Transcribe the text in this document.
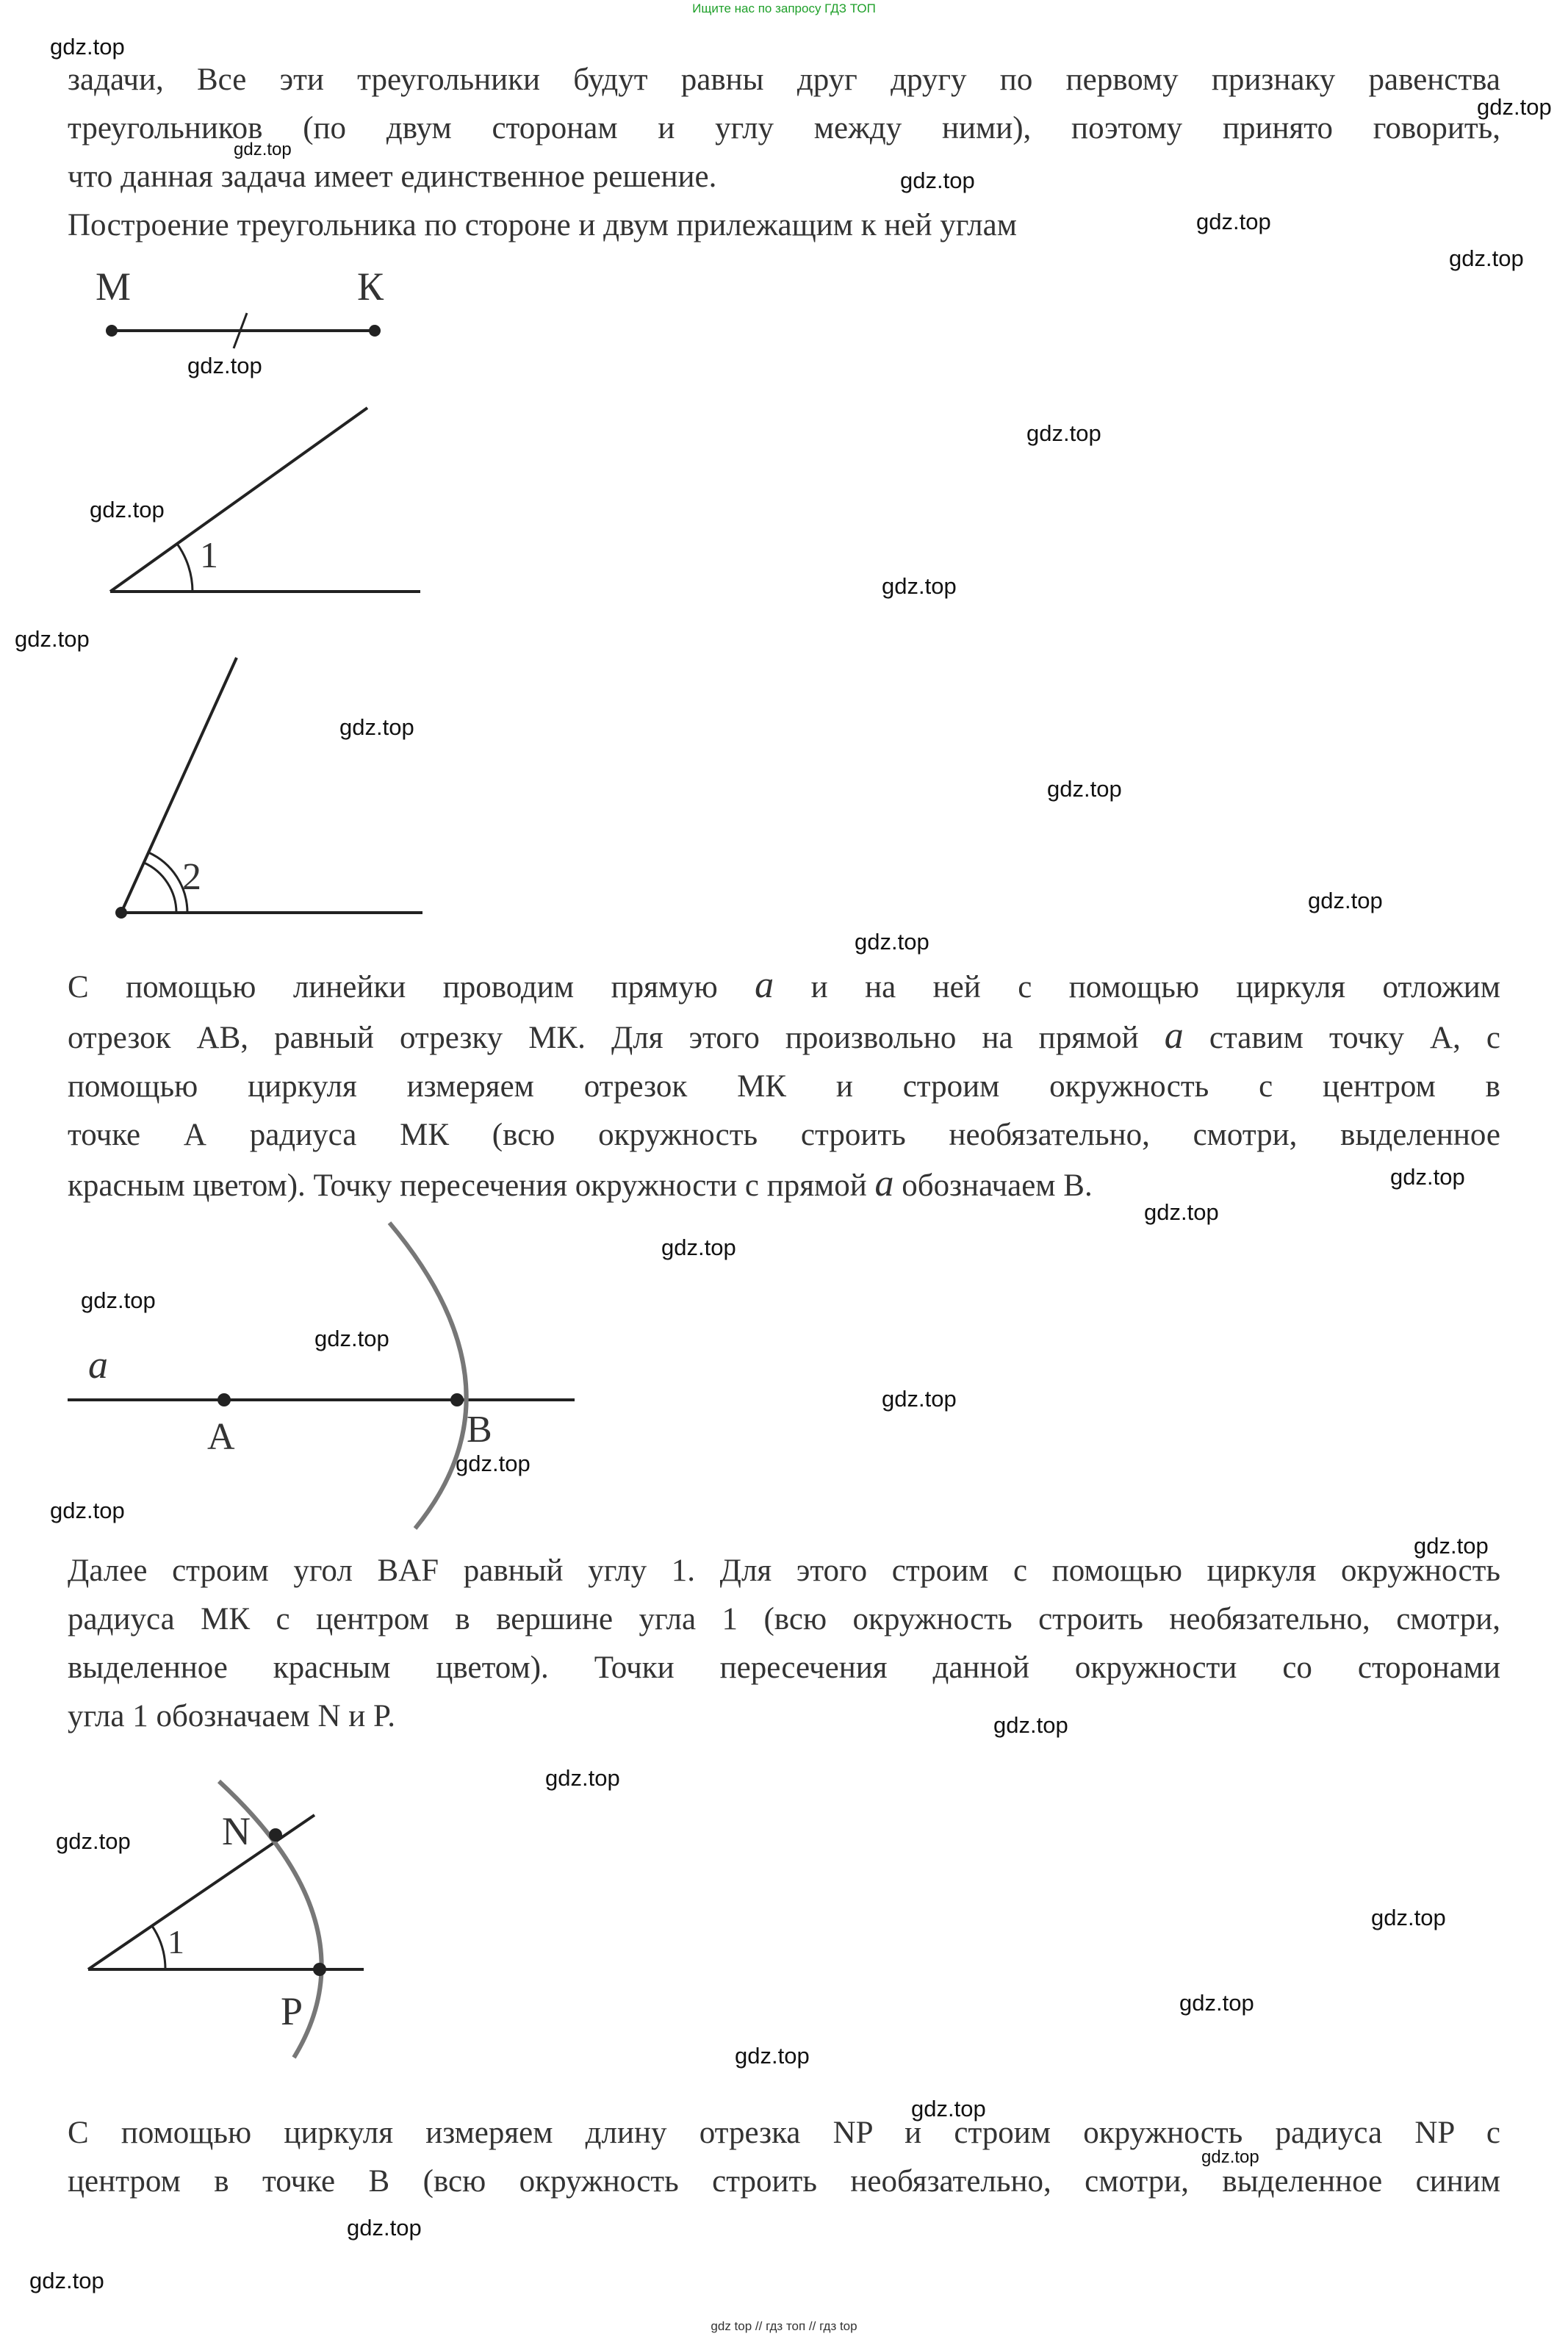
Ищите нас по запросу ГДЗ ТОП
задачи, Все эти треугольники будут равны друг другу по первому признаку равенства
треугольников (по двум сторонам и углу между ними), поэтому принято говорить,
что данная задача имеет единственное решение.
Построение треугольника по стороне и двум прилежащим к ней углам
М	К
1
2
С помощью линейки проводим прямую a и на ней с помощью циркуля отложим
отрезок АВ, равный отрезку МК. Для этого произвольно на прямой a ставим точку А, с
помощью циркуля измеряем отрезок МК и строим окружность с центром в
точке А радиуса МК (всю окружность строить необязательно, смотри, выделенное
красным цветом). Точку пересечения окружности с прямой a обозначаем В.
a
A	B
Далее строим угол BAF равный углу 1. Для этого строим с помощью циркуля окружность
радиуса МК с центром в вершине угла 1 (всю окружность строить необязательно, смотри,
выделенное красным цветом). Точки пересечения данной окружности со сторонами
угла 1 обозначаем N и P.
N
P
1
С помощью циркуля измеряем длину отрезка NP и строим окружность радиуса NP с
центром в точке В (всю окружность строить необязательно, смотри, выделенное синим
gdz.top
gdz.top
gdz.top
gdz.top
gdz.top
gdz.top
gdz.top
gdz.top
gdz.top
gdz.top
gdz.top
gdz.top
gdz.top
gdz.top
gdz.top
gdz.top
gdz.top
gdz.top
gdz.top
gdz.top
gdz.top
gdz.top
gdz.top
gdz.top
gdz.top
gdz.top
gdz.top
gdz.top
gdz.top
gdz.top
gdz.top
gdz.top
gdz.top
gdz.top
gdz top // гдз топ // гдз top
